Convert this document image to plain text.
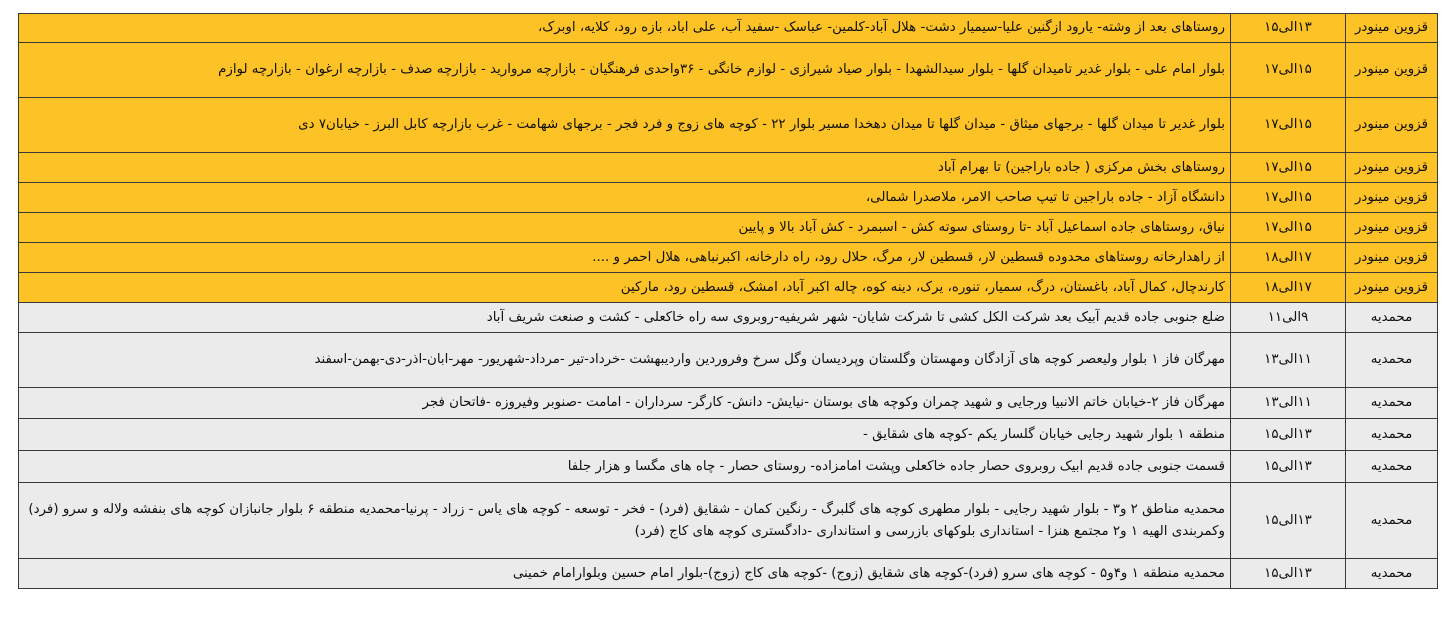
قزوین مینودر	۱۳الی۱۵	روستاهای بعد از وشته- یارود ازگنین علیا-سیمیار دشت- هلال آباد-کلمین- عباسک -سفید آب، علی اباد، بازه رود، کلایه، اوبرک،
قزوین مینودر	۱۵الی۱۷	بلوار امام علی - بلوار غدیر تامیدان گلها - بلوار سیدالشهدا - بلوار صیاد شیرازی - لوازم خانگی - ۳۶واحدی فرهنگیان - بازارچه مرواريد - بازارچه صدف - بازارچه ارغوان - بازارچه لوازم
قزوین مینودر	۱۵الی۱۷	بلوار غدیر تا میدان گلها - برجهای میثاق - میدان گلها تا میدان دهخدا مسیر بلوار ۲۲ - کوچه های زوج و فرد فجر - برجهای شهامت - غرب بازارچه کابل البرز - خیابان۷ دی
قزوین مینودر	۱۵الی۱۷	روستاهای بخش مرکزی ( جاده باراجین) تا بهرام آباد
قزوین مینودر	۱۵الی۱۷	دانشگاه آزاد - جاده باراجین تا تیپ صاحب الامر، ملاصدرا شمالی،
قزوین مینودر	۱۵الی۱۷	نیاق، روستاهای جاده اسماعیل آباد -تا روستای سوته کش - اسبمرد - کش آباد بالا و پایین
قزوین مینودر	۱۷الی۱۸	از راهدارخانه روستاهای محدوده قسطین لار، قسطین لار، مرگ، حلال رود، راه دارخانه، اکبرنباهی، هلال احمر و ....
قزوین مینودر	۱۷الی۱۸	کارندچال، کمال آباد، باغستان، درگ، سمیار، تنوره، یرک، دینه کوه، چاله اکبر آباد، امشک، قسطین رود، مارکین
محمدیه	۹الی۱۱	ضلع جنوبی جاده قدیم آبیک بعد شرکت الکل کشی تا شرکت شایان- شهر شریفیه-روبروی سه راه خاکعلی - کشت و صنعت شریف آباد
محمدیه	۱۱الی۱۳	مهرگان فاز ۱ بلوار ولیعصر کوچه های آزادگان ومهستان وگلستان وپردیسان وگل سرخ وفروردین واردیبهشت -خرداد-تیر -مرداد-شهریور- مهر-ابان-اذر-دی-بهمن-اسفند
محمدیه	۱۱الی۱۳	مهرگان فاز ۲-خیابان خاتم الانبیا ورجایی و شهید چمران وکوچه های بوستان -نیایش- دانش- کارگر- سرداران - امامت -صنوبر وفیروزه -فاتحان فجر
محمدیه	۱۳الی۱۵	منطقه ۱ بلوار شهید رجایی خیابان گلسار یکم -کوچه های شقایق -
محمدیه	۱۳الی۱۵	قسمت جنوبی جاده قدیم ابیک روبروی حصار جاده خاکعلی وپشت امامزاده- روستای حصار - چاه های مگسا و هزار جلفا
محمدیه	۱۳الی۱۵	محمدیه مناطق ۲ و۳ - بلوار شهید رجایی - بلوار مطهری کوچه های گلبرگ - رنگین کمان - شقایق (فرد) - فخر - توسعه - کوچه های یاس - زراد - پرنیا-محمدیه منطقه ۶ بلوار جانبازان کوچه های بنفشه ولاله و سرو (فرد) وکمربندی الهیه ۱ و۲ مجتمع هنزا - استانداری بلوکهای بازرسی و استانداری -دادگستری کوچه های کاج (فرد)
محمدیه	۱۳الی۱۵	محمدیه منطقه ۱ و۴و۵ - کوچه های سرو (فرد)-کوچه های شقایق (زوج) -کوچه های کاج (زوج)-بلوار امام حسین وبلوارامام خمینی
